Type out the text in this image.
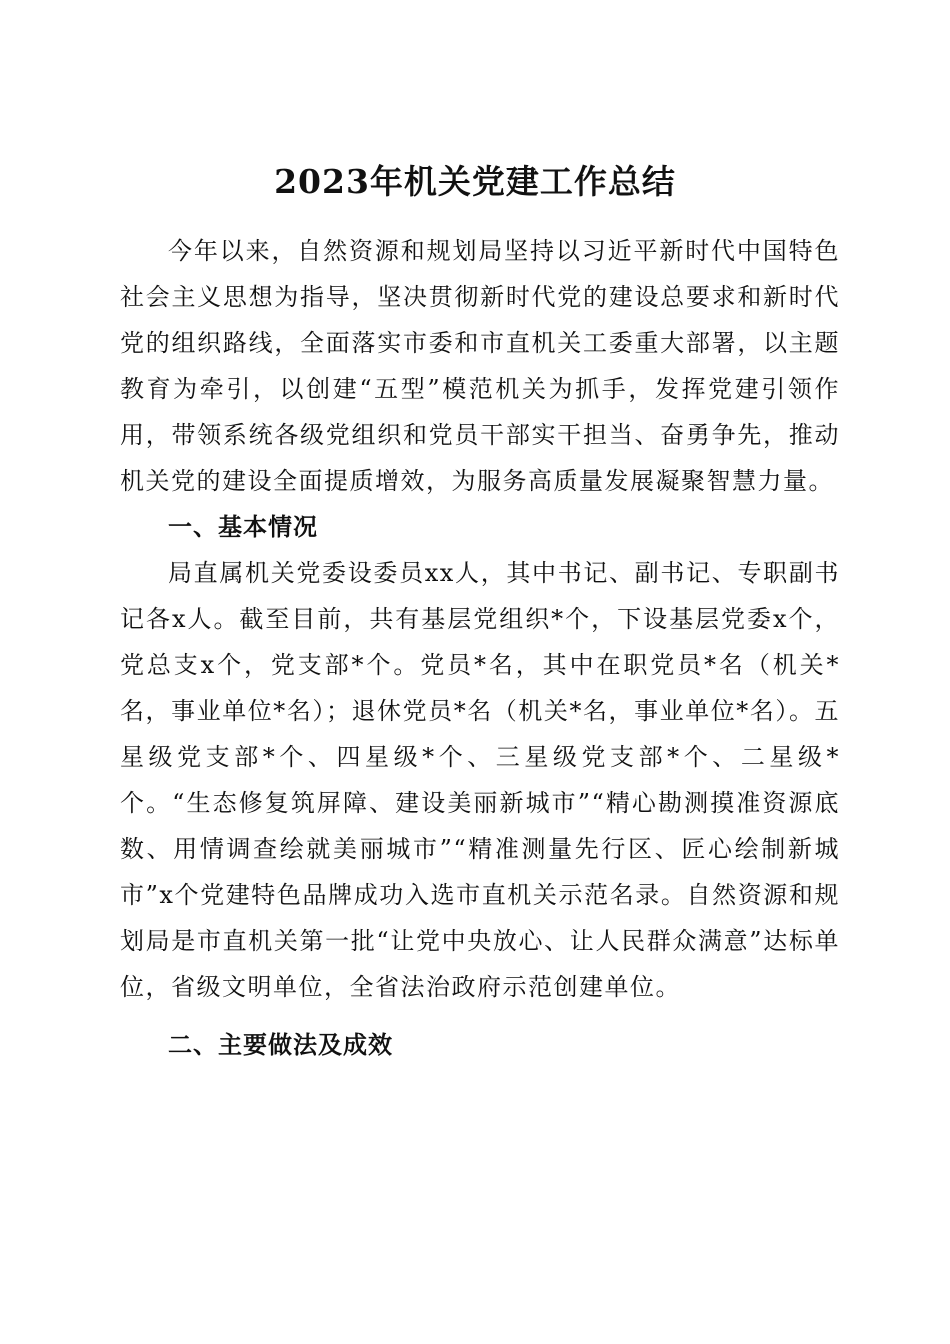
2023年机关党建工作总结

今年以来，自然资源和规划局坚持以习近平新时代中国特色社会主义思想为指导，坚决贯彻新时代党的建设总要求和新时代党的组织路线，全面落实市委和市直机关工委重大部署，以主题教育为牵引，以创建“五型”模范机关为抓手，发挥党建引领作用，带领系统各级党组织和党员干部实干担当、奋勇争先，推动机关党的建设全面提质增效，为服务高质量发展凝聚智慧力量。

一、基本情况

局直属机关党委设委员xx人，其中书记、副书记、专职副书记各x人。截至目前，共有基层党组织*个，下设基层党委x个，党总支x个，党支部*个。党员*名，其中在职党员*名（机关*名，事业单位*名）；退休党员*名（机关*名，事业单位*名）。五星级党支部*个、四星级*个、三星级党支部*个、二星级*个。“生态修复筑屏障、建设美丽新城市”“精心勘测摸准资源底数、用情调查绘就美丽城市”“精准测量先行区、匠心绘制新城市”x个党建特色品牌成功入选市直机关示范名录。自然资源和规划局是市直机关第一批“让党中央放心、让人民群众满意”达标单位，省级文明单位，全省法治政府示范创建单位。

二、主要做法及成效
